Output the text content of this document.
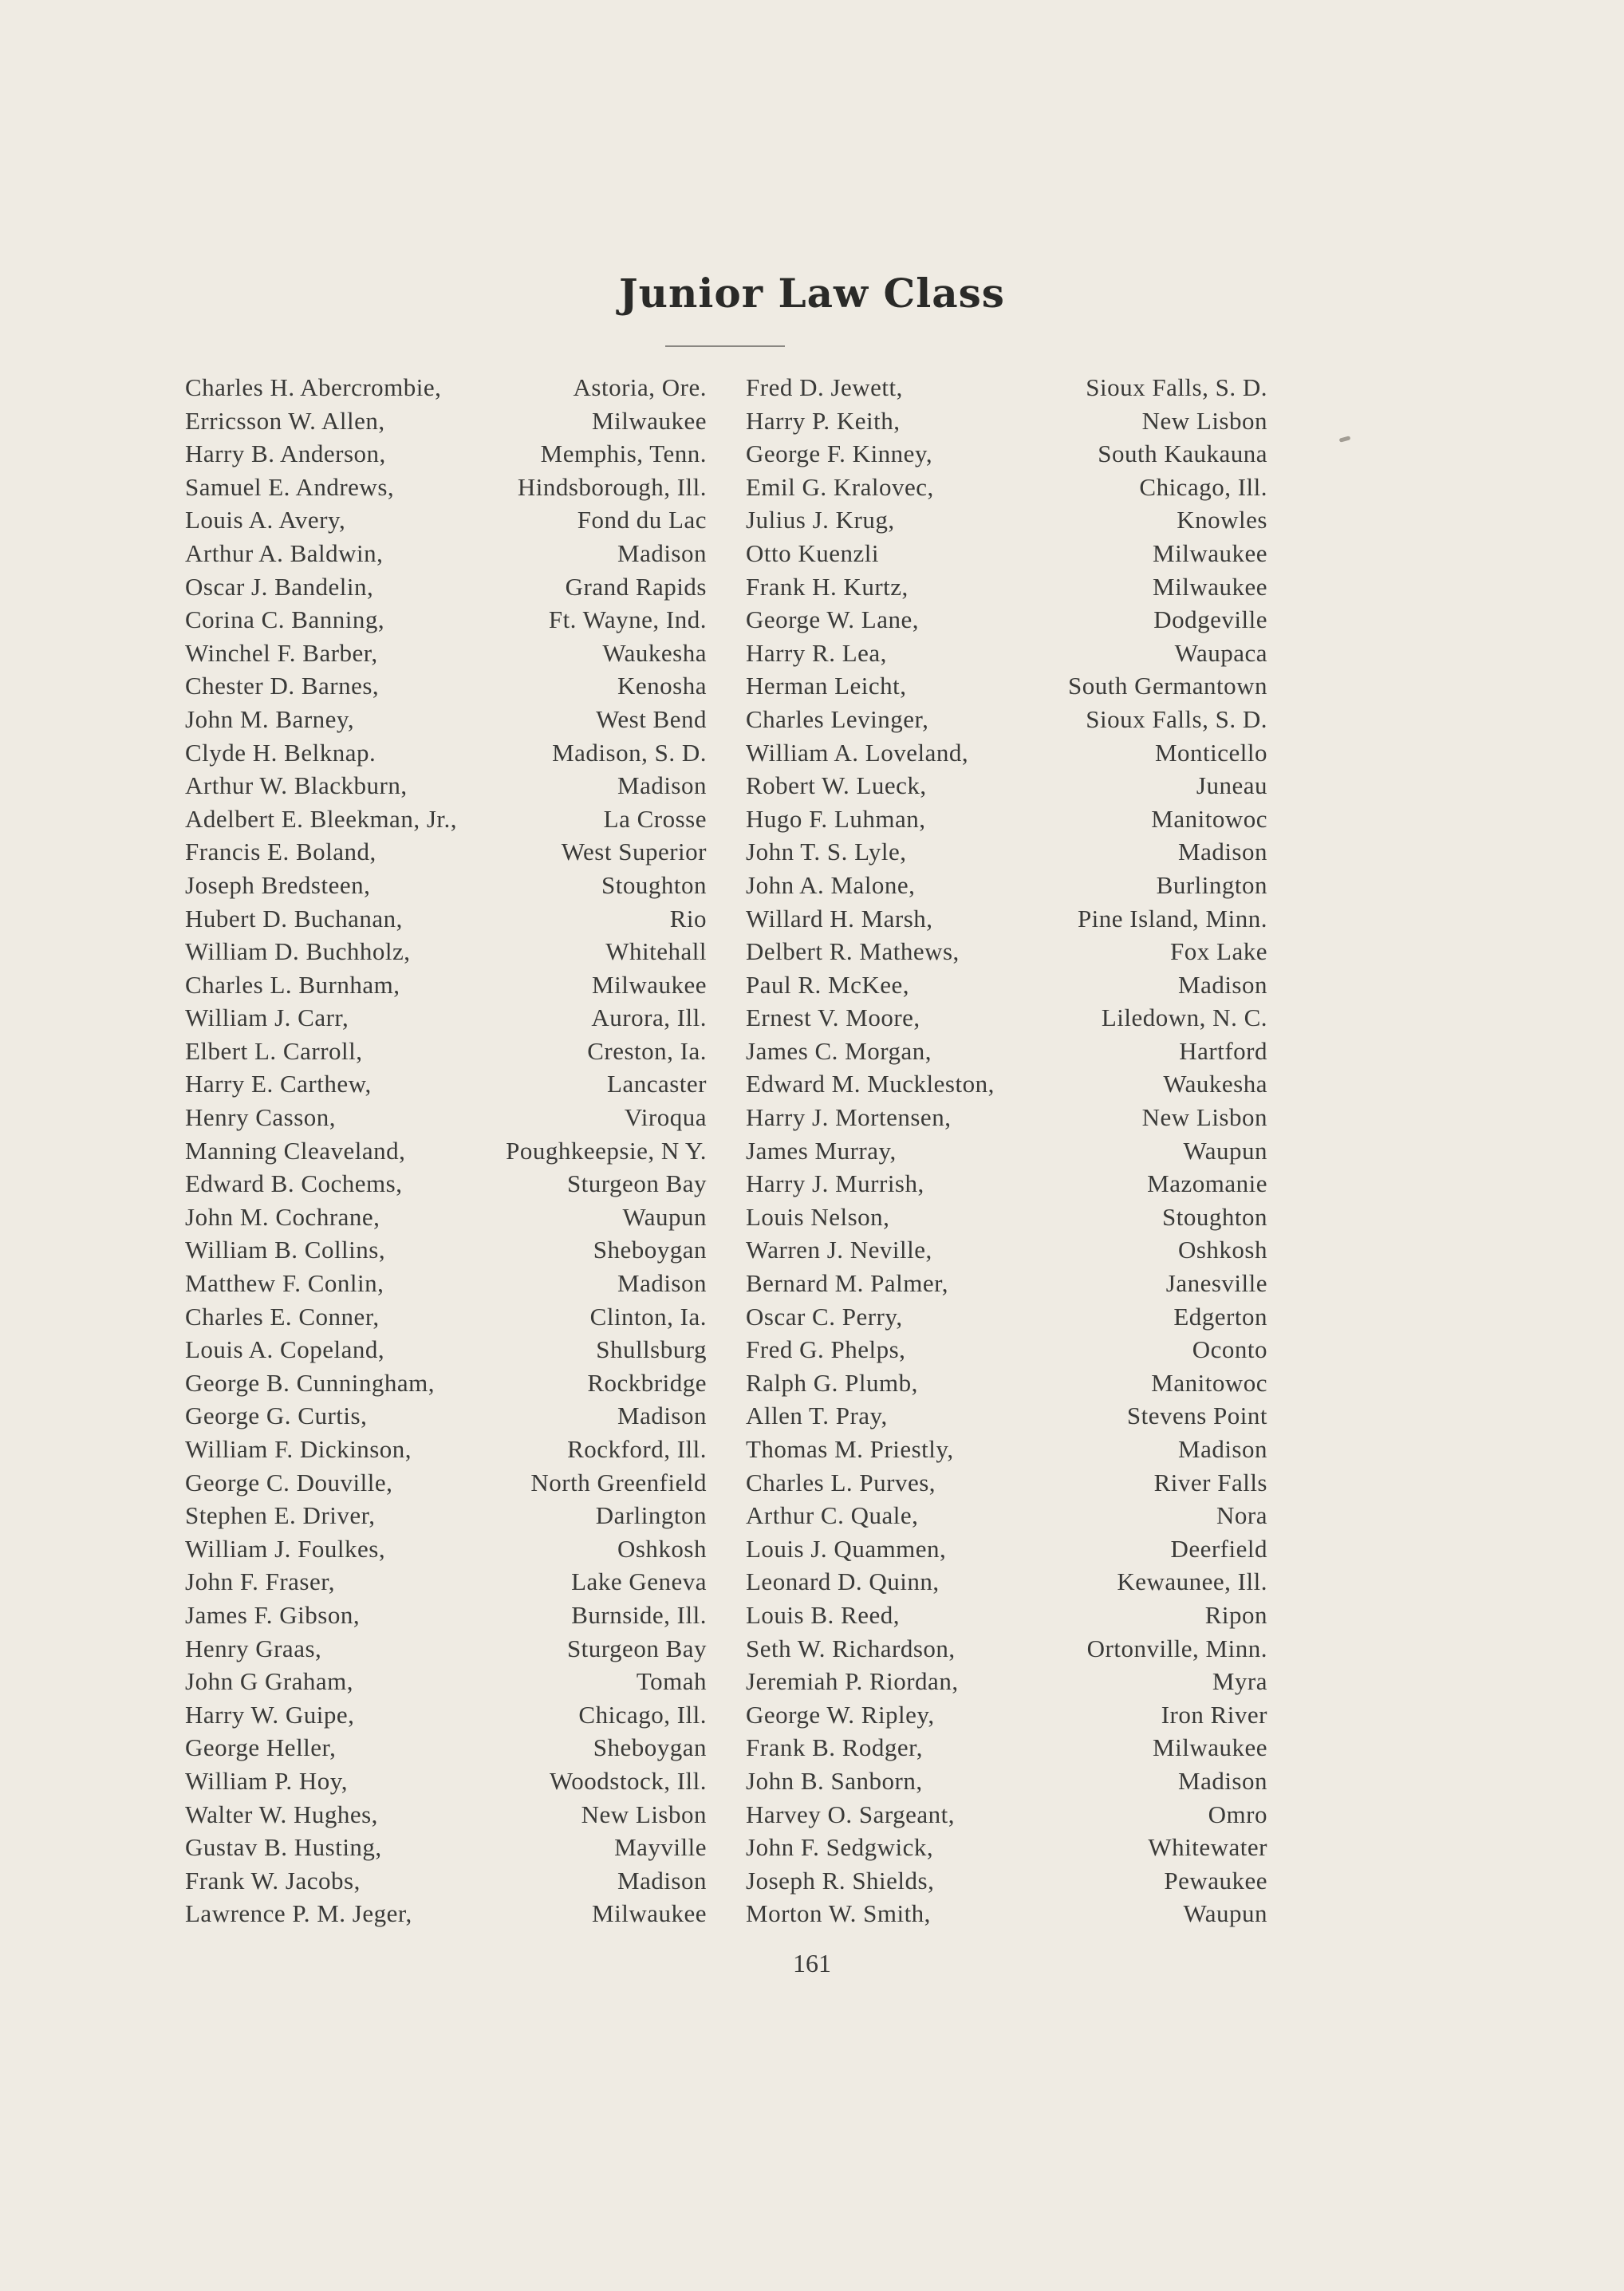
Junior Law Class
Charles H. Abercrombie,	Astoria, Ore.
Erricsson W. Allen,	Milwaukee
Harry B. Anderson,	Memphis, Tenn.
Samuel E. Andrews,	Hindsborough, Ill.
Louis A. Avery,	Fond du Lac
Arthur A. Baldwin,	Madison
Oscar J. Bandelin,	Grand Rapids
Corina C. Banning,	Ft. Wayne, Ind.
Winchel F. Barber,	Waukesha
Chester D. Barnes,	Kenosha
John M. Barney,	West Bend
Clyde H. Belknap.	Madison, S. D.
Arthur W. Blackburn,	Madison
Adelbert E. Bleekman, Jr.,	La Crosse
Francis E. Boland,	West Superior
Joseph Bredsteen,	Stoughton
Hubert D. Buchanan,	Rio
William D. Buchholz,	Whitehall
Charles L. Burnham,	Milwaukee
William J. Carr,	Aurora, Ill.
Elbert L. Carroll,	Creston, Ia.
Harry E. Carthew,	Lancaster
Henry Casson,	Viroqua
Manning Cleaveland,	Poughkeepsie, N Y.
Edward B. Cochems,	Sturgeon Bay
John M. Cochrane,	Waupun
William B. Collins,	Sheboygan
Matthew F. Conlin,	Madison
Charles E. Conner,	Clinton, Ia.
Louis A. Copeland,	Shullsburg
George B. Cunningham,	Rockbridge
George G. Curtis,	Madison
William F. Dickinson,	Rockford, Ill.
George C. Douville,	North Greenfield
Stephen E. Driver,	Darlington
William J. Foulkes,	Oshkosh
John F. Fraser,	Lake Geneva
James F. Gibson,	Burnside, Ill.
Henry Graas,	Sturgeon Bay
John G Graham,	Tomah
Harry W. Guipe,	Chicago, Ill.
George Heller,	Sheboygan
William P. Hoy,	Woodstock, Ill.
Walter W. Hughes,	New Lisbon
Gustav B. Husting,	Mayville
Frank W. Jacobs,	Madison
Lawrence P. M. Jeger,	Milwaukee
Fred D. Jewett,	Sioux Falls, S. D.
Harry P. Keith,	New Lisbon
George F. Kinney,	South Kaukauna
Emil G. Kralovec,	Chicago, Ill.
Julius J. Krug,	Knowles
Otto Kuenzli	Milwaukee
Frank H. Kurtz,	Milwaukee
George W. Lane,	Dodgeville
Harry R. Lea,	Waupaca
Herman Leicht,	South Germantown
Charles Levinger,	Sioux Falls, S. D.
William A. Loveland,	Monticello
Robert W. Lueck,	Juneau
Hugo F. Luhman,	Manitowoc
John T. S. Lyle,	Madison
John A. Malone,	Burlington
Willard H. Marsh,	Pine Island, Minn.
Delbert R. Mathews,	Fox Lake
Paul R. McKee,	Madison
Ernest V. Moore,	Liledown, N. C.
James C. Morgan,	Hartford
Edward M. Muckleston,	Waukesha
Harry J. Mortensen,	New Lisbon
James Murray,	Waupun
Harry J. Murrish,	Mazomanie
Louis Nelson,	Stoughton
Warren J. Neville,	Oshkosh
Bernard M. Palmer,	Janesville
Oscar C. Perry,	Edgerton
Fred G. Phelps,	Oconto
Ralph G. Plumb,	Manitowoc
Allen T. Pray,	Stevens Point
Thomas M. Priestly,	Madison
Charles L. Purves,	River Falls
Arthur C. Quale,	Nora
Louis J. Quammen,	Deerfield
Leonard D. Quinn,	Kewaunee, Ill.
Louis B. Reed,	Ripon
Seth W. Richardson,	Ortonville, Minn.
Jeremiah P. Riordan,	Myra
George W. Ripley,	Iron River
Frank B. Rodger,	Milwaukee
John B. Sanborn,	Madison
Harvey O. Sargeant,	Omro
John F. Sedgwick,	Whitewater
Joseph R. Shields,	Pewaukee
Morton W. Smith,	Waupun
161
